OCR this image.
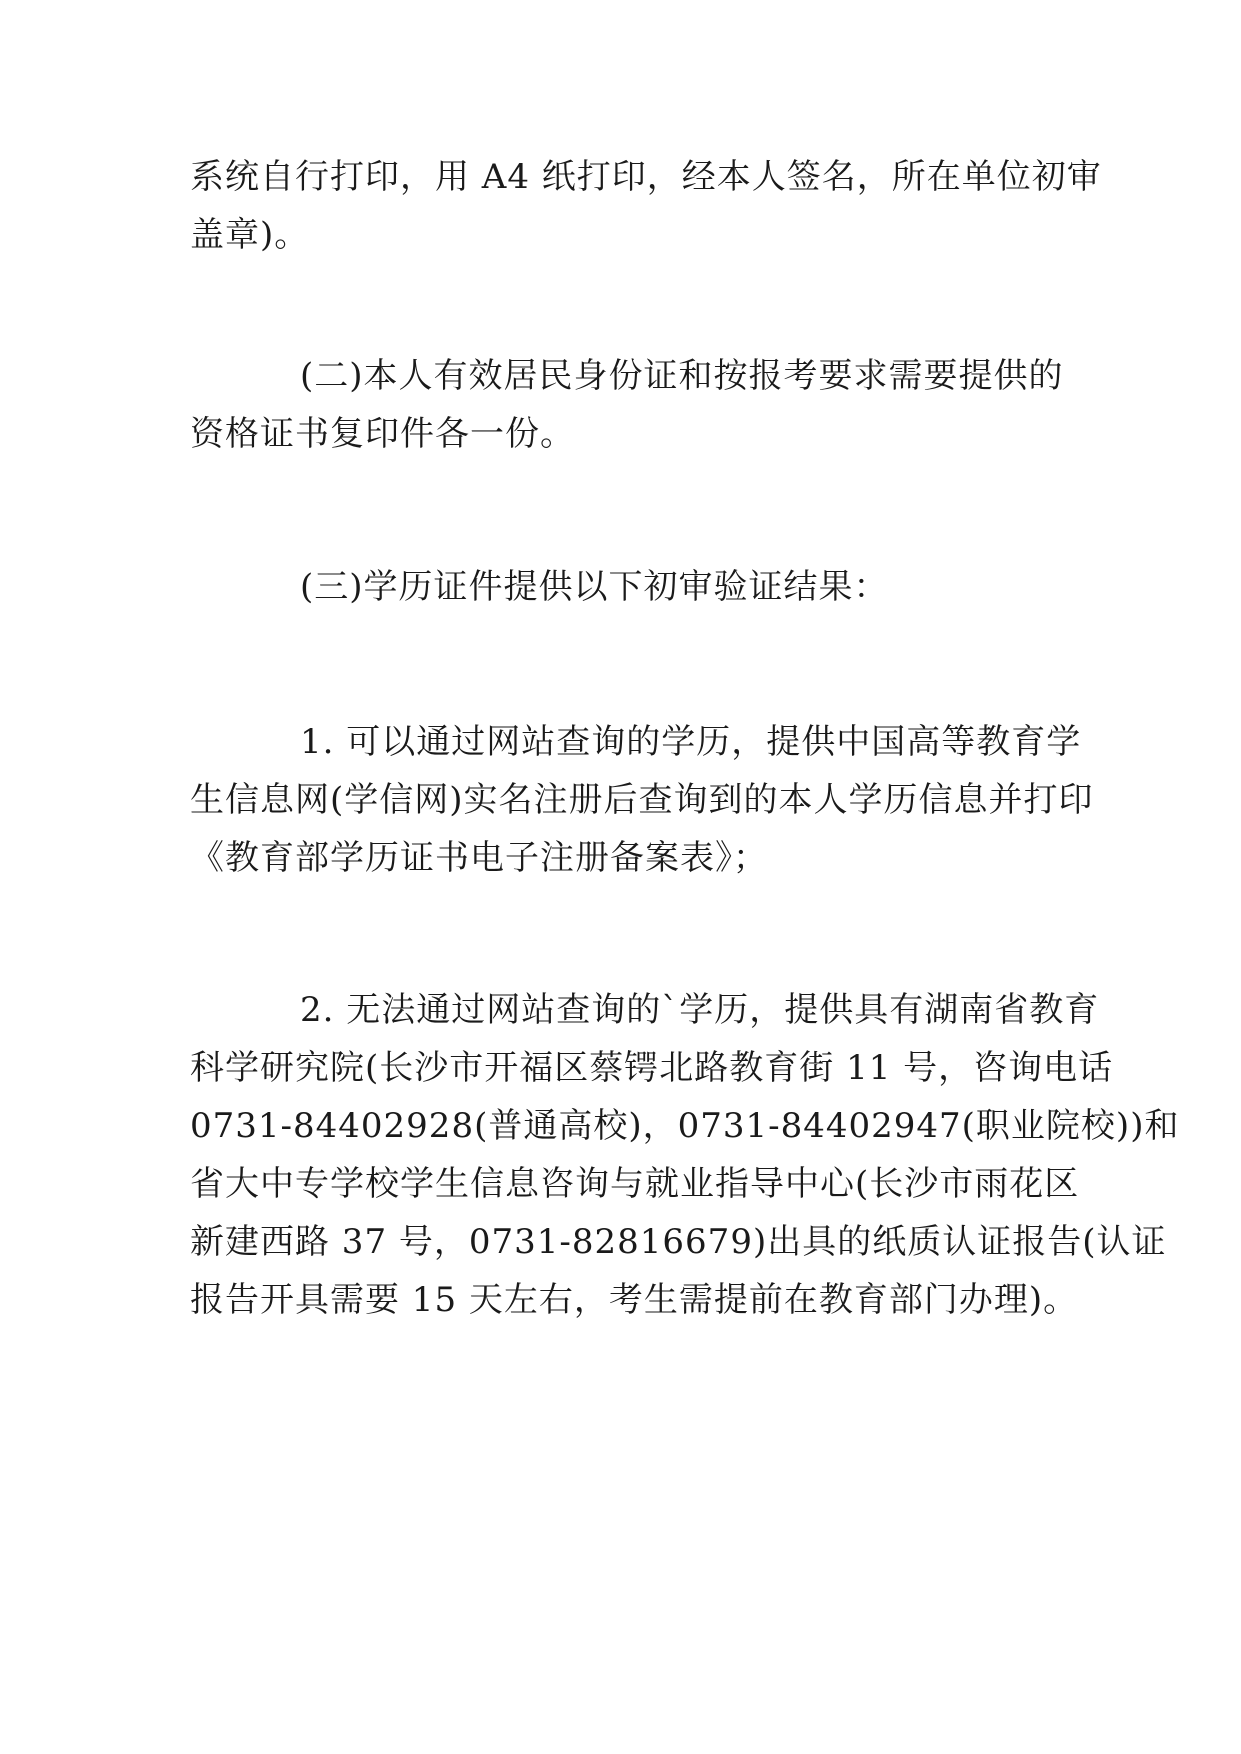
系统自行打印，用 A4 纸打印，经本人签名，所在单位初审
盖章)。

(二)本人有效居民身份证和按报考要求需要提供的
资格证书复印件各一份。

(三)学历证件提供以下初审验证结果：

1. 可以通过网站查询的学历，提供中国高等教育学
生信息网(学信网)实名注册后查询到的本人学历信息并打印
《教育部学历证书电子注册备案表》；

2. 无法通过网站查询的`学历，提供具有湖南省教育
科学研究院(长沙市开福区蔡锷北路教育街 11 号，咨询电话
0731-84402928(普通高校)，0731-84402947(职业院校))和
省大中专学校学生信息咨询与就业指导中心(长沙市雨花区
新建西路 37 号，0731-82816679)出具的纸质认证报告(认证
报告开具需要 15 天左右，考生需提前在教育部门办理)。
